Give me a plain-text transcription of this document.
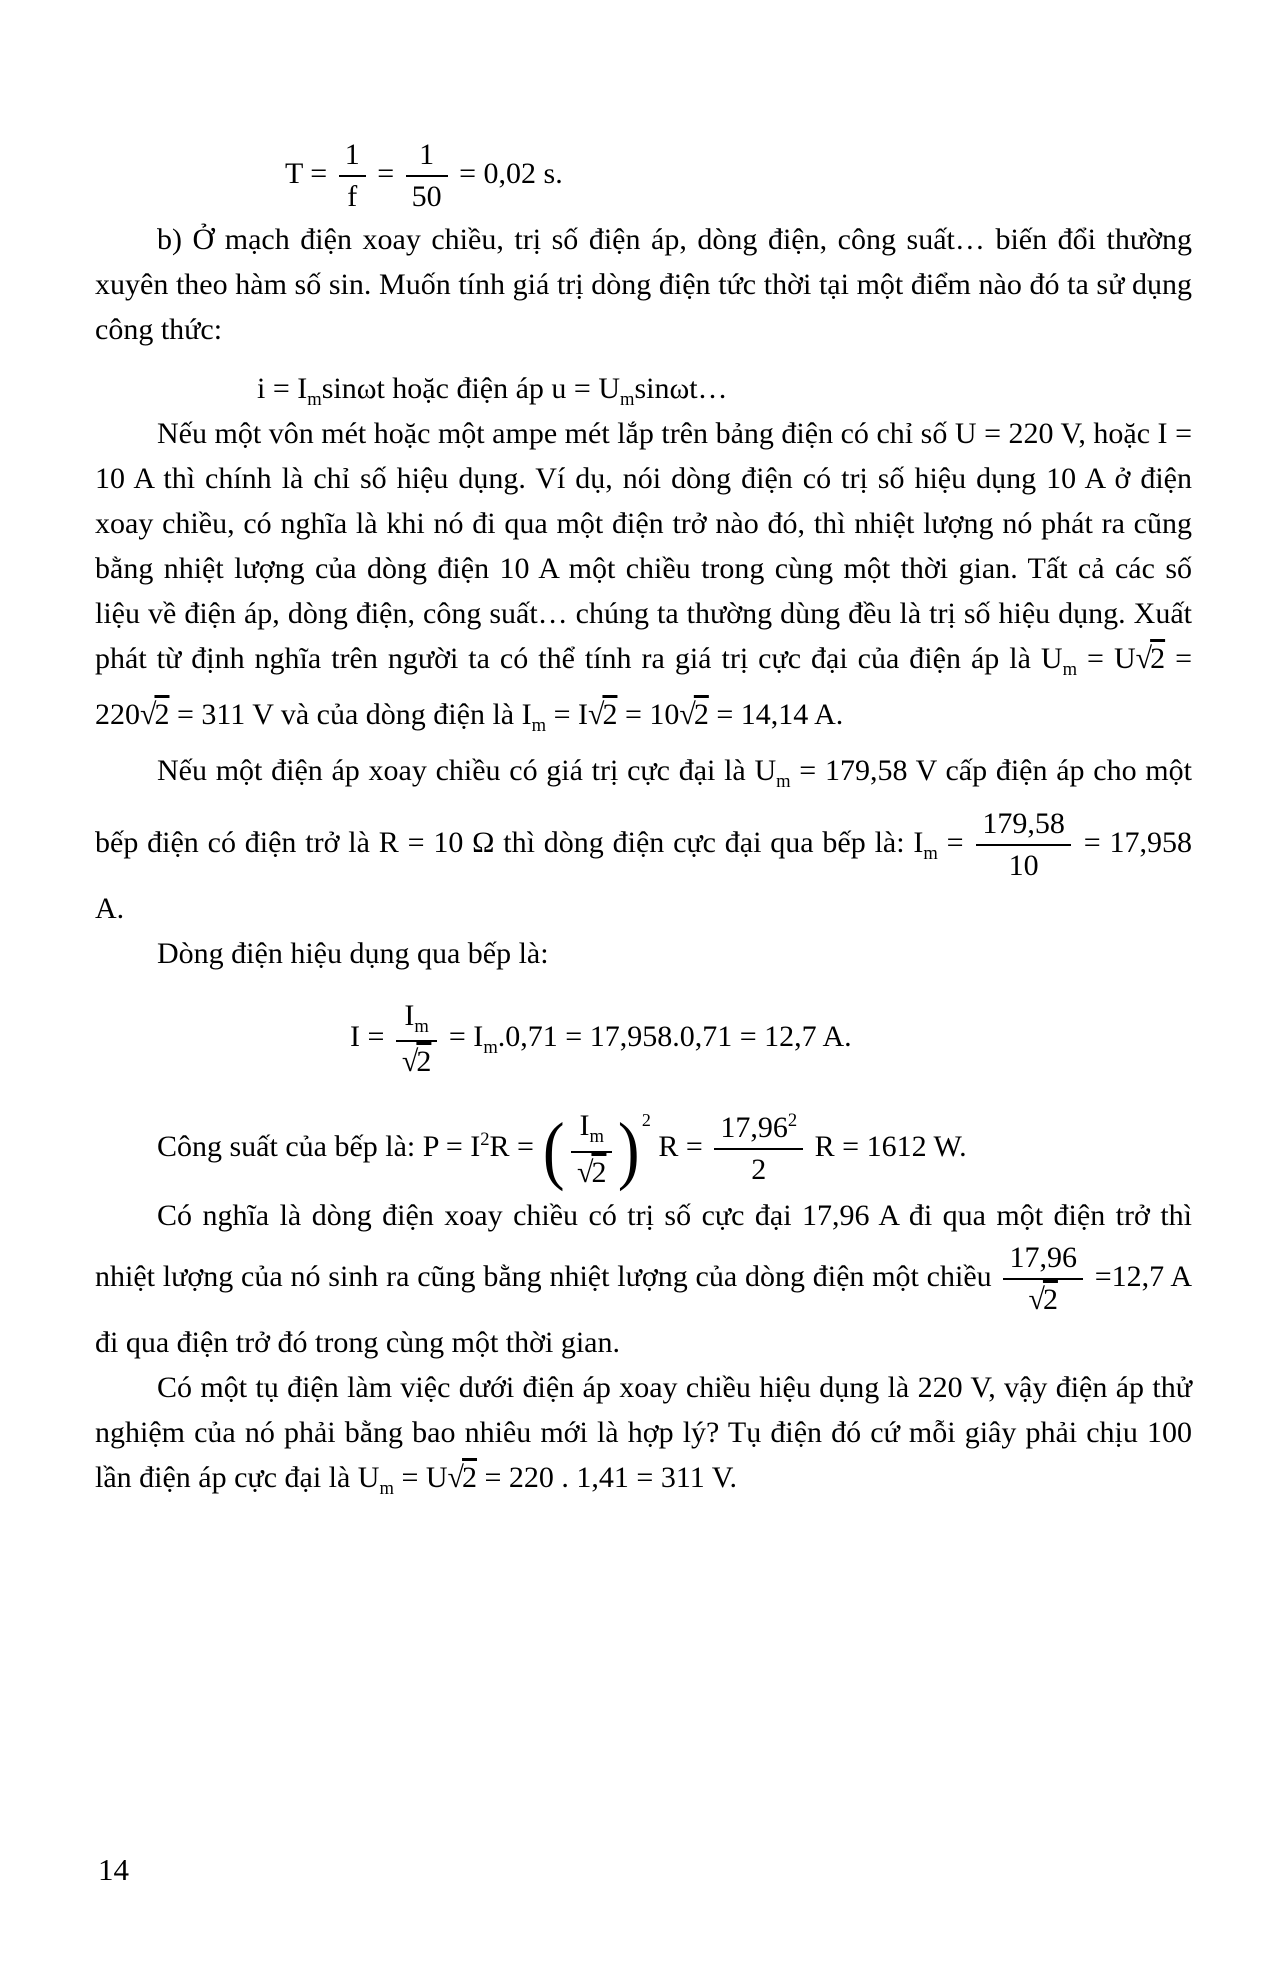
$T = \frac{1}{f} = \frac{1}{50} = 0,02$ s.

b) Ở mạch điện xoay chiều, trị số điện áp, dòng điện, công suất… biến đổi thường xuyên theo hàm số sin. Muốn tính giá trị dòng điện tức thời tại một điểm nào đó ta sử dụng công thức:

$i = I_m\sin\omega t$ hoặc điện áp $u = U_m\sin\omega t\dots$

Nếu một vôn mét hoặc một ampe mét lắp trên bảng điện có chỉ số U = 220 V, hoặc I = 10 A thì chính là chỉ số hiệu dụng. Ví dụ, nói dòng điện có trị số hiệu dụng 10 A ở điện xoay chiều, có nghĩa là khi nó đi qua một điện trở nào đó, thì nhiệt lượng nó phát ra cũng bằng nhiệt lượng của dòng điện 10 A một chiều trong cùng một thời gian. Tất cả các số liệu về điện áp, dòng điện, công suất… chúng ta thường dùng đều là trị số hiệu dụng. Xuất phát từ định nghĩa trên người ta có thể tính ra giá trị cực đại của điện áp là $U_m = U√2 = 220√2 = 311$ V và của dòng điện là $I_m = I√2 = 10√2 = 14,14$ A.

Nếu một điện áp xoay chiều có giá trị cực đại là $U_m = 179,58$ V cấp điện áp cho một bếp điện có điện trở là R = 10 Ω thì dòng điện cực đại qua bếp là: $I_m = \frac{179,58}{10} = 17,958$ A.

Dòng điện hiệu dụng qua bếp là:

$I = \frac{I_m}{√2} = I_m.0,71 = 17,958.0,71 = 12,7$ A.
Công suất của bếp là: $P = I^2R$ = ( $\frac{I_m}{√2}$ ) $^2$ $R = \frac{17,96^2}{2}$ R = 1612 W.

Có nghĩa là dòng điện xoay chiều có trị số cực đại 17,96 A đi qua một điện trở thì nhiệt lượng của nó sinh ra cũng bằng nhiệt lượng của dòng điện một chiều $\frac{17,96}{√2} =12,7$ A đi qua điện trở đó trong cùng một thời gian.

Có một tụ điện làm việc dưới điện áp xoay chiều hiệu dụng là 220 V, vậy điện áp thử nghiệm của nó phải bằng bao nhiêu mới là hợp lý? Tụ điện đó cứ mỗi giây phải chịu 100 lần điện áp cực đại là $U_m = U√2 = 220$ . 1,41 = 311 V.

14
